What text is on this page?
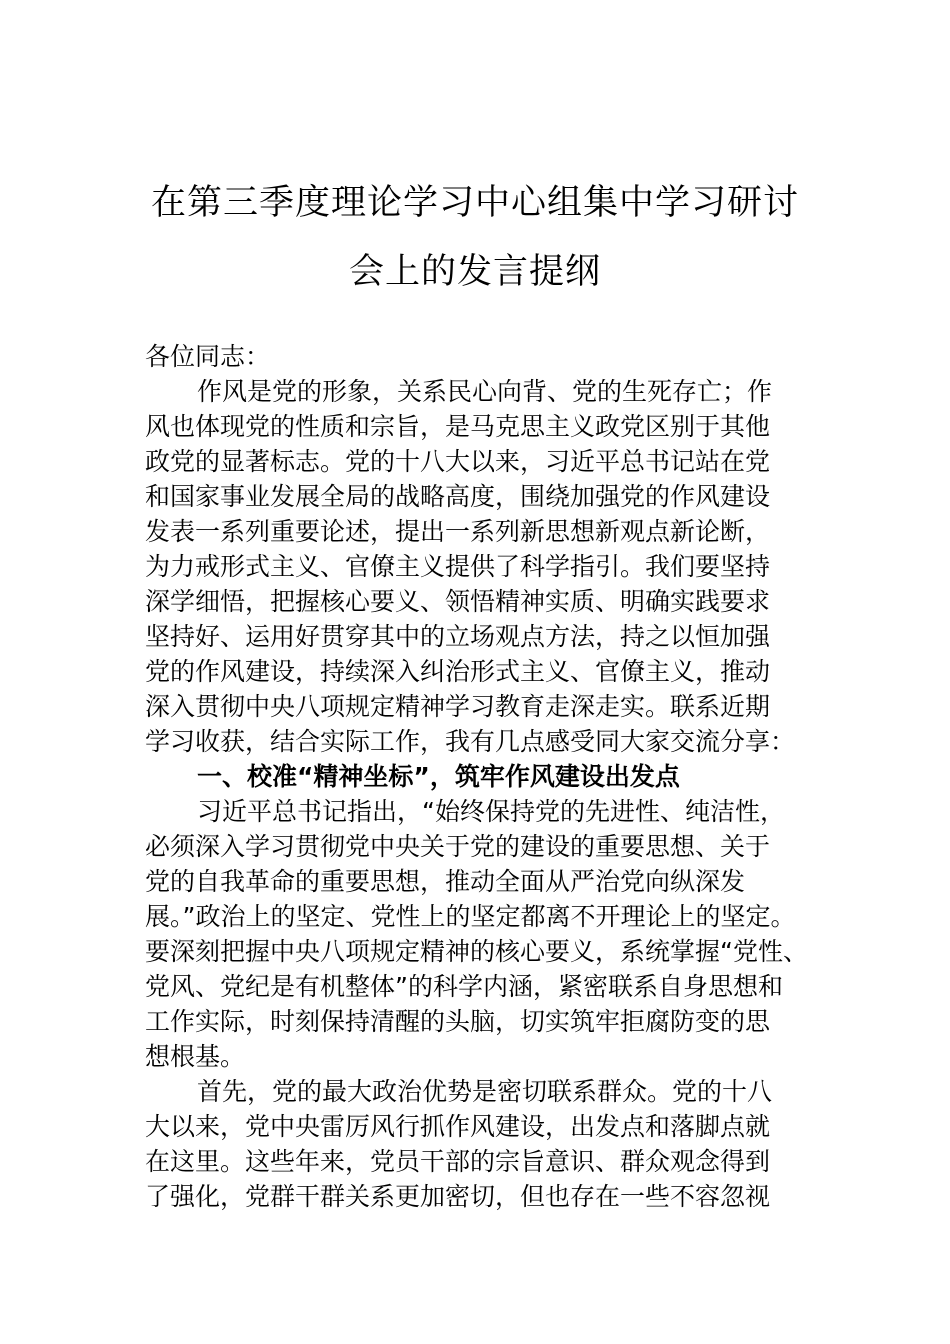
在第三季度理论学习中心组集中学习研讨
会上的发言提纲
各位同志：
作风是党的形象，关系民心向背、党的生死存亡；作
风也体现党的性质和宗旨，是马克思主义政党区别于其他
政党的显著标志。党的十八大以来，习近平总书记站在党
和国家事业发展全局的战略高度，围绕加强党的作风建设
发表一系列重要论述，提出一系列新思想新观点新论断，
为力戒形式主义、官僚主义提供了科学指引。我们要坚持
深学细悟，把握核心要义、领悟精神实质、明确实践要求
坚持好、运用好贯穿其中的立场观点方法，持之以恒加强
党的作风建设，持续深入纠治形式主义、官僚主义，推动
深入贯彻中央八项规定精神学习教育走深走实。联系近期
学习收获，结合实际工作，我有几点感受同大家交流分享：
一、校准“精神坐标”，筑牢作风建设出发点
习近平总书记指出，“始终保持党的先进性、纯洁性，
必须深入学习贯彻党中央关于党的建设的重要思想、关于
党的自我革命的重要思想，推动全面从严治党向纵深发
展。”政治上的坚定、党性上的坚定都离不开理论上的坚定。
要深刻把握中央八项规定精神的核心要义，系统掌握“党性、
党风、党纪是有机整体”的科学内涵，紧密联系自身思想和
工作实际，时刻保持清醒的头脑，切实筑牢拒腐防变的思
想根基。
首先，党的最大政治优势是密切联系群众。党的十八
大以来，党中央雷厉风行抓作风建设，出发点和落脚点就
在这里。这些年来，党员干部的宗旨意识、群众观念得到
了强化，党群干群关系更加密切，但也存在一些不容忽视
